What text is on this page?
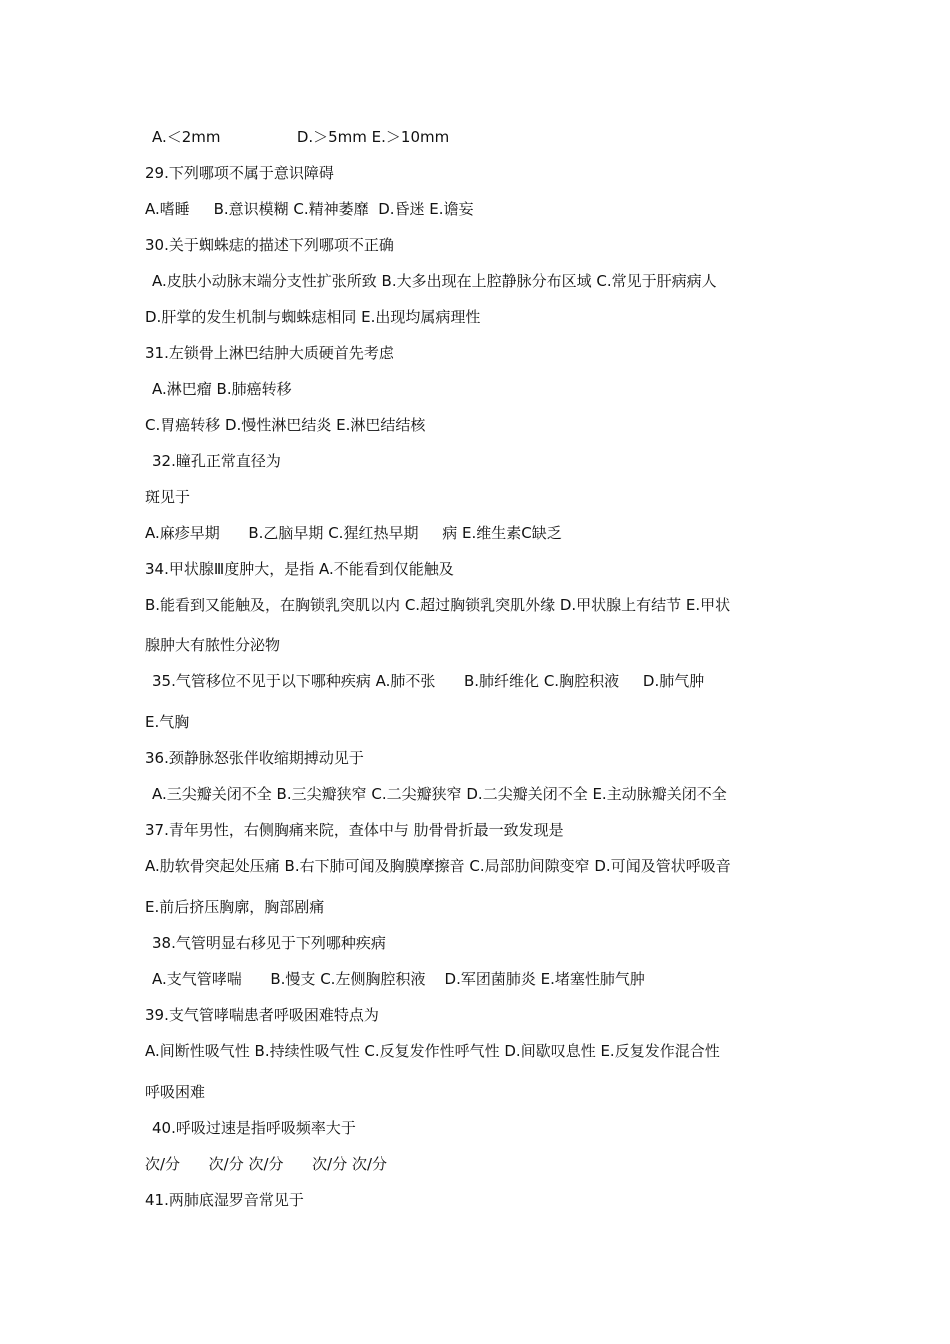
A.＜2mm                D.＞5mm E.＞10mm
29.下列哪项不属于意识障碍
A.嗜睡     B.意识模糊 C.精神萎靡  D.昏迷 E.谵妄
30.关于蜘蛛痣的描述下列哪项不正确
A.皮肤小动脉末端分支性扩张所致 B.大多出现在上腔静脉分布区域 C.常见于肝病病人
D.肝掌的发生机制与蜘蛛痣相同 E.出现均属病理性
31.左锁骨上淋巴结肿大质硬首先考虑
A.淋巴瘤 B.肺癌转移
C.胃癌转移 D.慢性淋巴结炎 E.淋巴结结核
32.瞳孔正常直径为
斑见于
A.麻疹早期      B.乙脑早期 C.猩红热早期     病 E.维生素C缺乏
34.甲状腺Ⅲ度肿大，是指 A.不能看到仅能触及
B.能看到又能触及，在胸锁乳突肌以内 C.超过胸锁乳突肌外缘 D.甲状腺上有结节 E.甲状
腺肿大有脓性分泌物
35.气管移位不见于以下哪种疾病 A.肺不张      B.肺纤维化 C.胸腔积液     D.肺气肿
E.气胸
36.颈静脉怒张伴收缩期搏动见于
A.三尖瓣关闭不全 B.三尖瓣狭窄 C.二尖瓣狭窄 D.二尖瓣关闭不全 E.主动脉瓣关闭不全
37.青年男性，右侧胸痛来院，查体中与 肋骨骨折最一致发现是
A.肋软骨突起处压痛 B.右下肺可闻及胸膜摩擦音 C.局部肋间隙变窄 D.可闻及管状呼吸音
E.前后挤压胸廓，胸部剧痛
38.气管明显右移见于下列哪种疾病
A.支气管哮喘      B.慢支 C.左侧胸腔积液    D.军团菌肺炎 E.堵塞性肺气肿
39.支气管哮喘患者呼吸困难特点为
A.间断性吸气性 B.持续性吸气性 C.反复发作性呼气性 D.间歇叹息性 E.反复发作混合性
呼吸困难
40.呼吸过速是指呼吸频率大于
次/分      次/分 次/分      次/分 次/分
41.两肺底湿罗音常见于
